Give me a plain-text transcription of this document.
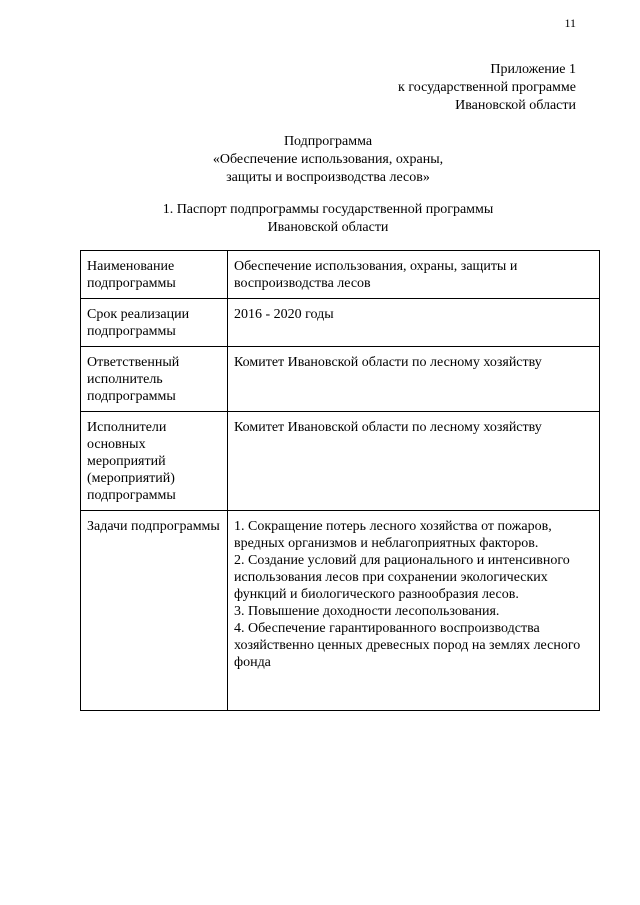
11
Приложение 1
к государственной программе
Ивановской области
Подпрограмма
«Обеспечение использования, охраны,
защиты и воспроизводства лесов»
1. Паспорт подпрограммы государственной программы
Ивановской области
Наименование подпрограммы	Обеспечение использования, охраны, защиты и воспроизводства лесов
Срок реализации подпрограммы	2016 - 2020 годы
Ответственный исполнитель подпрограммы	Комитет Ивановской области по лесному хозяйству
Исполнители основных мероприятий (мероприятий) подпрограммы	Комитет Ивановской области по лесному хозяйству
Задачи подпрограммы	1. Сокращение потерь лесного хозяйства от пожаров, вредных организмов и неблагоприятных факторов.
2. Создание условий для рационального и интенсивного использования лесов при сохранении экологических функций и биологического разнообразия лесов.
3. Повышение доходности лесопользования.
4. Обеспечение гарантированного воспроизводства хозяйственно ценных древесных пород на землях лесного фонда
